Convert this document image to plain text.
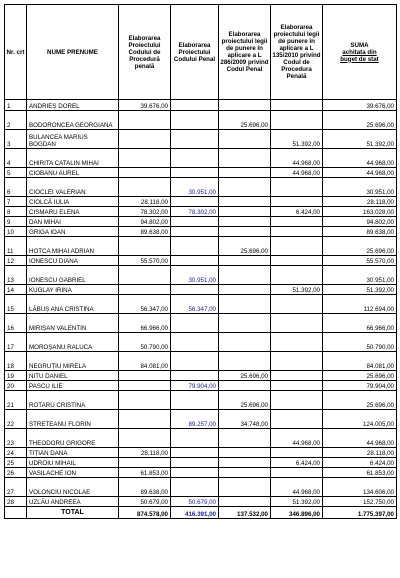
Nr. crt	NUME PRENUME	Elaborarea Proiectului Codului de Procedură penală	Elaborarea Proiectului Codului Penal	Elaborarea proiectului legii de punere în aplicare a L 286/2009 privind Codul Penal	Elaborarea proiectului legii de punere în aplicare a L 135/2010 privind Codul de Procedura Penală	SUMA
achitata din
buget de stat
1	ANDRIEȘ DOREL	39.676,00				39.676,00
2	BODORONCEA GEORGIANA			25.696,00		25.696,00
3	BULANCEA MARIUS BOGDAN				51.392,00	51.392,00
4	CHIRITA CATALIN MIHAI				44.968,00	44.968,00
5	CIOBANU AUREL				44.968,00	44.968,00
6	CIOCLEI VALERIAN		30.951,00			30.951,00
7	CIOLCĂ IULIA	28.118,00				28.118,00
8	CISMARU ELENA	78.302,00	78.302,00		6.424,00	163.028,00
9	DAN MIHAI	94.802,00				94.802,00
10	GRIGA IOAN	89.638,00				89.638,00
11	HOTCA MIHAI ADRIAN			25.696,00		25.696,00
12	IONESCU DIANA	55.570,00				55.570,00
13	IONESCU GABRIEL		30.951,00			30.951,00
14	KUGLAY IRINA				51.392,00	51.392,00
15	LĂBUȘ ANA CRISTINA	56.347,00	56.347,00			112.694,00
16	MIRIȘAN VALENTIN	66.966,00				66.966,00
17	MOROȘANU RALUCA	50.790,00				50.790,00
18	NEGRUȚIU MIRELA	84.081,00				84.081,00
19	NITU DANIEL			25.696,00		25.696,00
20	PASCU ILIE		79.904,00			79.904,00
21	ROTARU CRISTINA			25.696,00		25.696,00
22	STRETEANU FLORIN		89.257,00	34.748,00		124.005,00
23	THEODORU GRIGORE				44.968,00	44.968,00
24	TIȚIAN DANA	28.118,00				28.118,00
25	UDROIU MIHAIL				6.424,00	6.424,00
26	VASILACHE ION	61.853,00				61.853,00
27	VOLONCIU NICOLAE	89.638,00			44.968,00	134.606,00
28	UZLĂU ANDREEA	50.679,00	50.679,00		51.392,00	152.750,00
	TOTAL	874.578,00	416.391,00	137.532,00	346.896,00	1.775.397,00
